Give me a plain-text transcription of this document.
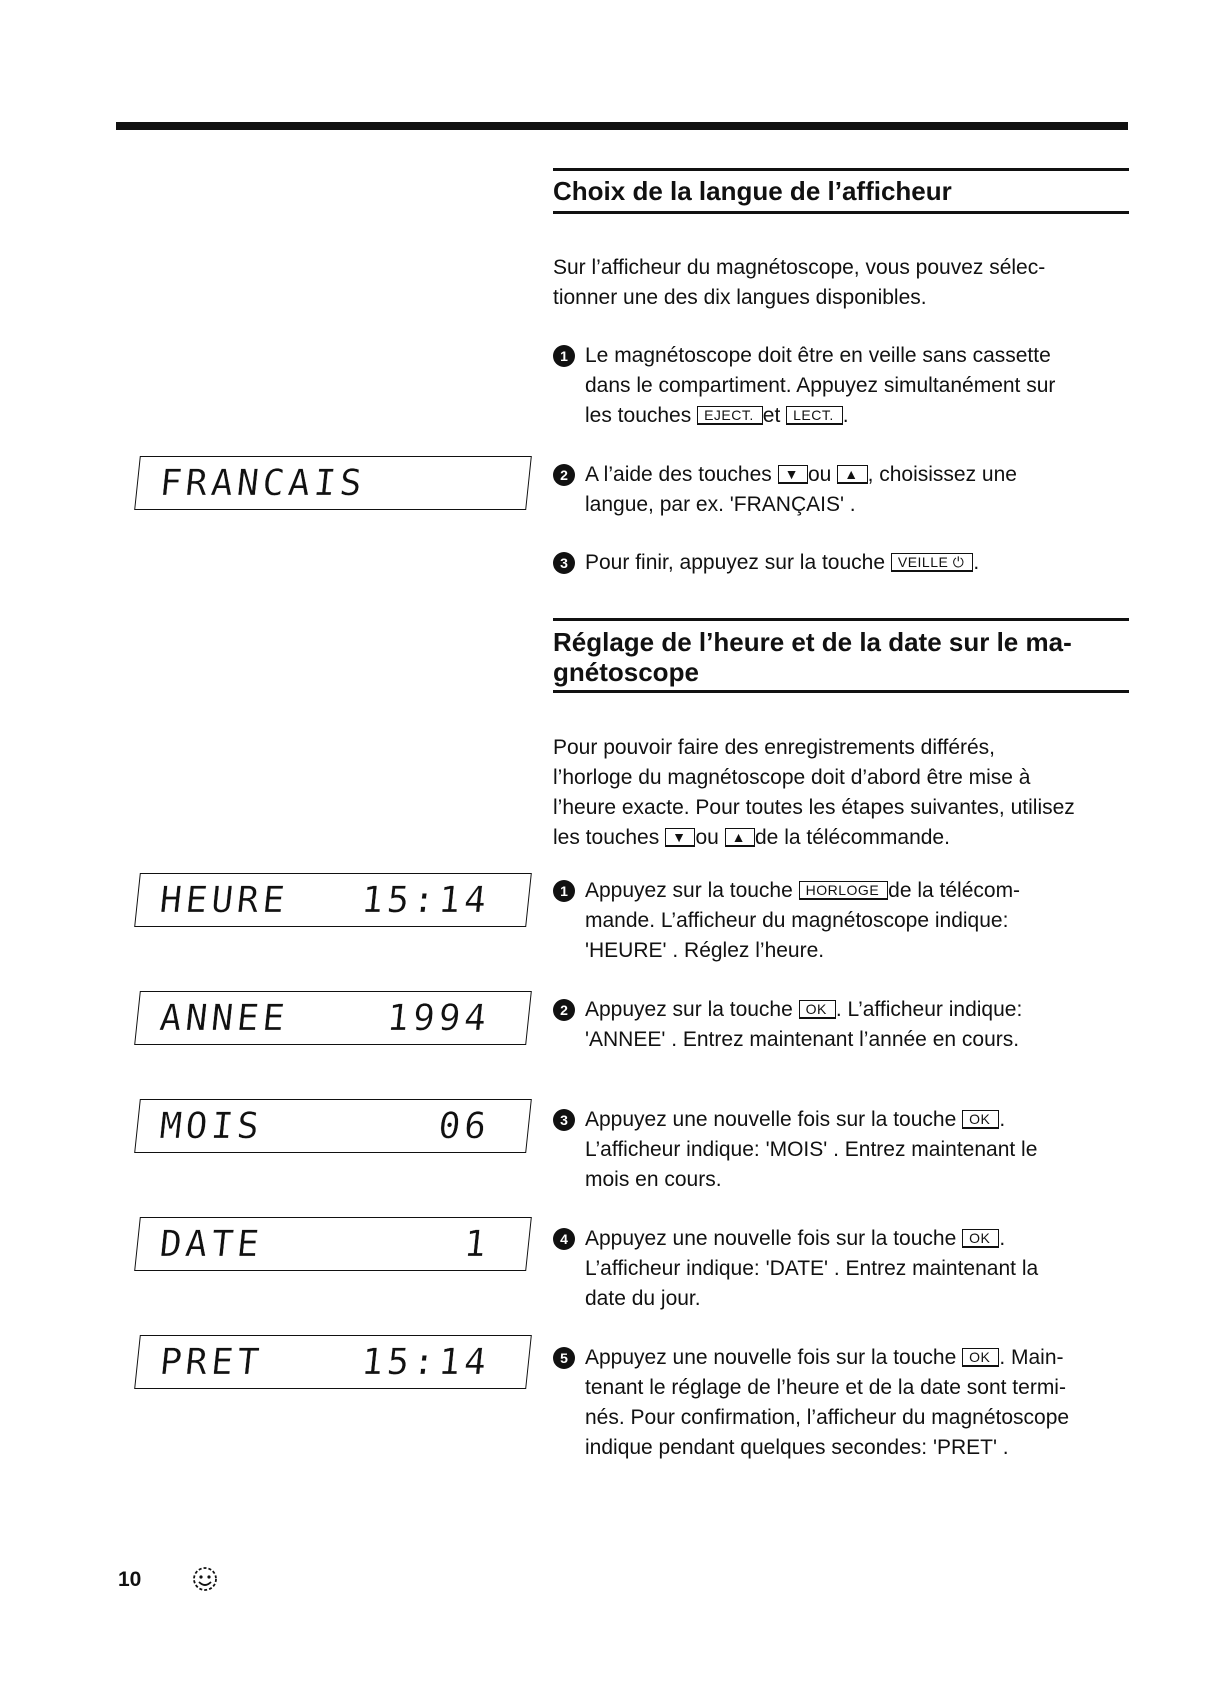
Choix de la langue de l’afficheur
Sur l’afficheur du magnétoscope, vous pouvez sélec-
tionner une des dix langues disponibles.
1 Le magnétoscope doit être en veille sans cassette
dans le compartiment. Appuyez simultanément sur
les touches EJECT. et LECT. .
FRANCAIS	2 A l’aide des touches ▼ ou ▲ , choisissez une
langue, par ex. 'FRANÇAIS' .
3 Pour finir, appuyez sur la touche VEILLE ⏻ .
Réglage de l’heure et de la date sur le ma-
gnétoscope
Pour pouvoir faire des enregistrements différés,
l’horloge du magnétoscope doit d’abord être mise à
l’heure exacte. Pour toutes les étapes suivantes, utilisez
les touches ▼ ou ▲ de la télécommande.
HEURE 15:14
ANNEE	1994
MOIS	06
DATE	1
PRET	15:14
1 Appuyez sur la touche HORLOGE de la télécom-
mande. L’afficheur du magnétoscope indique:
'HEURE' . Réglez l’heure.
2 Appuyez sur la touche OK . L’afficheur indique:
'ANNEE' . Entrez maintenant l’année en cours.
3 Appuyez une nouvelle fois sur la touche OK .
L’afficheur indique: 'MOIS' . Entrez maintenant le
mois en cours.
4 Appuyez une nouvelle fois sur la touche OK .
L’afficheur indique: 'DATE' . Entrez maintenant la
date du jour.
5 Appuyez une nouvelle fois sur la touche OK . Main-
tenant le réglage de l’heure et de la date sont termi-
nés. Pour confirmation, l’afficheur du magnétoscope
indique pendant quelques secondes: 'PRET' .
10
